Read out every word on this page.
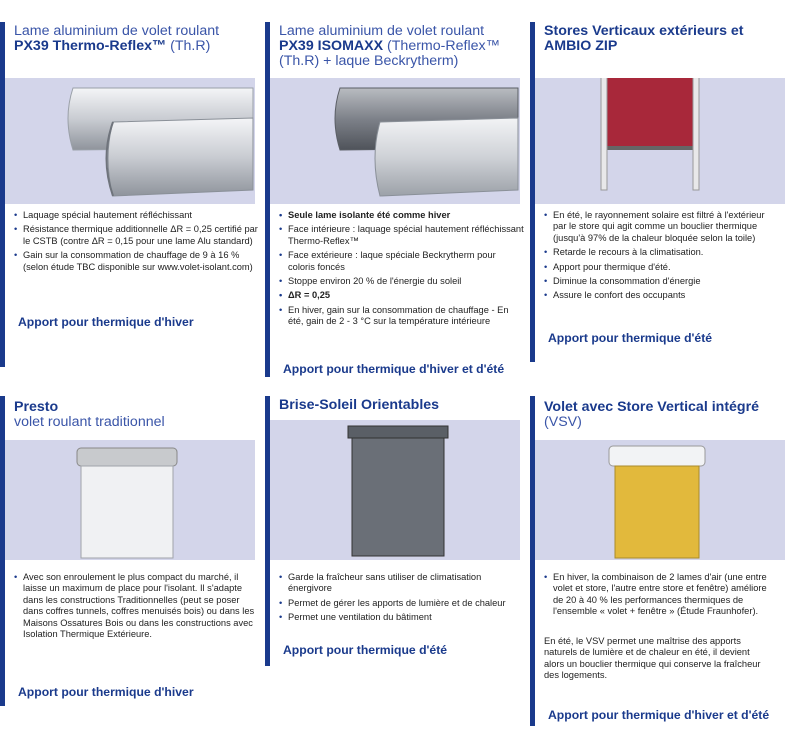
Lame aluminium de volet roulant
PX39 Thermo-Reflex™ (Th.R)
• Laquage spécial hautement réfléchissant
• Résistance thermique additionnelle ΔR = 0,25 certifié par le CSTB (contre ΔR = 0,15 pour une lame Alu standard)
• Gain sur la consommation de chauffage de 9 à 16 % (selon étude TBC disponible sur www.volet-isolant.com)
Apport pour thermique d'hiver
Lame aluminium de volet roulant
PX39 ISOMAXX (Thermo-Reflex™ (Th.R) + laque Beckrytherm)
• Seule lame isolante été comme hiver
• Face intérieure : laquage spécial hautement réfléchissant Thermo-Reflex™
• Face extérieure : laque spéciale Beckrytherm pour coloris foncés
• Stoppe environ 20 % de l'énergie du soleil
• ΔR = 0,25
• En hiver, gain sur la consommation de chauffage - En été, gain de 2 - 3 °C sur la température intérieure
Apport pour thermique d'hiver et d'été
Stores Verticaux extérieurs et AMBIO ZIP
• En été, le rayonnement solaire est filtré à l'extérieur par le store qui agit comme un bouclier thermique (jusqu'à 97% de la chaleur bloquée selon la toile)
• Retarde le recours à la climatisation.
• Apport pour thermique d'été.
• Diminue la consommation d'énergie
• Assure le confort des occupants
Apport pour thermique d'été
Presto
volet roulant traditionnel
• Avec son enroulement le plus compact du marché, il laisse un maximum de place pour l'isolant. Il s'adapte dans les constructions Traditionnelles (peut se poser dans coffres tunnels, coffres menuisés bois) ou dans les Maisons Ossatures Bois ou dans les constructions avec Isolation Thermique Extérieure.
Apport pour thermique d'hiver
Brise-Soleil Orientables
• Garde la fraîcheur sans utiliser de climatisation énergivore
• Permet de gérer les apports de lumière et de chaleur
• Permet une ventilation du bâtiment
Apport pour thermique d'été
Volet avec Store Vertical intégré
(VSV)
• En hiver, la combinaison de 2 lames d'air (une entre volet et store, l'autre entre store et fenêtre) améliore de 20 à 40 % les performances thermiques de l'ensemble « volet + fenêtre » (Étude Fraunhofer).
En été, le VSV permet une maîtrise des apports naturels de lumière et de chaleur en été, il devient alors un bouclier thermique qui conserve la fraîcheur des logements.
Apport pour thermique d'hiver et d'été
